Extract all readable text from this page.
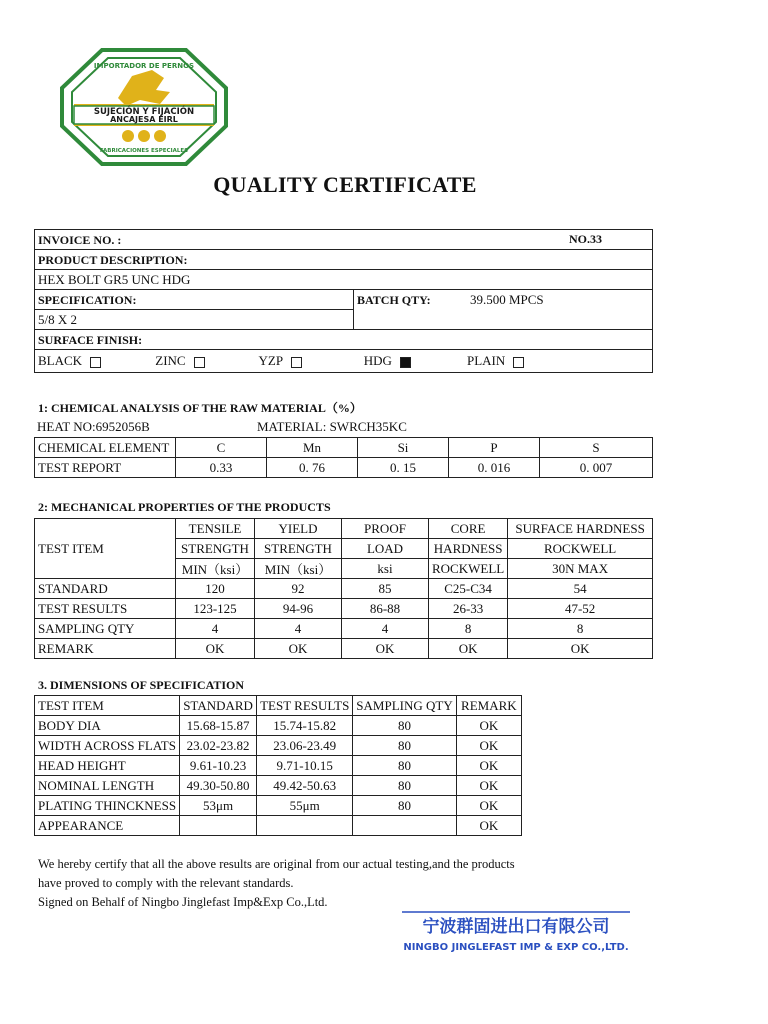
IMPORTADOR DE PERNOS
SUJECIÓN Y FIJACIÓN
ANCAJESA EIRL
FABRICACIONES ESPECIALES
QUALITY CERTIFICATE
INVOICE NO. :	NO.33

PRODUCT DESCRIPTION:
HEX BOLT GR5 UNC HDG
SPECIFICATION:	BATCH QTY:	39.500 MPCS
5/8 X 2
SURFACE FINISH:
BLACK	ZINC	YZP	HDG	PLAIN
1: CHEMICAL ANALYSIS OF THE RAW MATERIAL（%）
HEAT NO:6952056B	MATERIAL: SWRCH35KC
CHEMICAL ELEMENT	C	Mn	Si	P	S
TEST REPORT	0.33	0. 76	0. 15	0. 016	0. 007
2: MECHANICAL PROPERTIES OF THE PRODUCTS
TEST ITEM	TENSILE	YIELD	PROOF	CORE	SURFACE HARDNESS
	STRENGTH	STRENGTH	LOAD	HARDNESS	ROCKWELL
	MIN（ksi）	MIN（ksi）	ksi	ROCKWELL	30N MAX
STANDARD	120	92	85	C25-C34	54
TEST RESULTS	123-125	94-96	86-88	26-33	47-52
SAMPLING QTY	4	4	4	8	8
REMARK	OK	OK	OK	OK	OK
3. DIMENSIONS OF SPECIFICATION
TEST ITEM	STANDARD	TEST RESULTS	SAMPLING QTY	REMARK
BODY DIA	15.68-15.87	15.74-15.82	80	OK
WIDTH ACROSS FLATS	23.02-23.82	23.06-23.49	80	OK
HEAD HEIGHT	9.61-10.23	9.71-10.15	80	OK
NOMINAL LENGTH	49.30-50.80	49.42-50.63	80	OK
PLATING THINCKNESS	53μm	55μm	80	OK
APPEARANCE				OK
We hereby certify that all the above results are original from our actual testing,and the products
have proved to comply with the relevant standards.
Signed on Behalf of Ningbo Jinglefast Imp&Exp Co.,Ltd.
宁波群固进出口有限公司
NINGBO JINGLEFAST IMP & EXP CO.,LTD.
